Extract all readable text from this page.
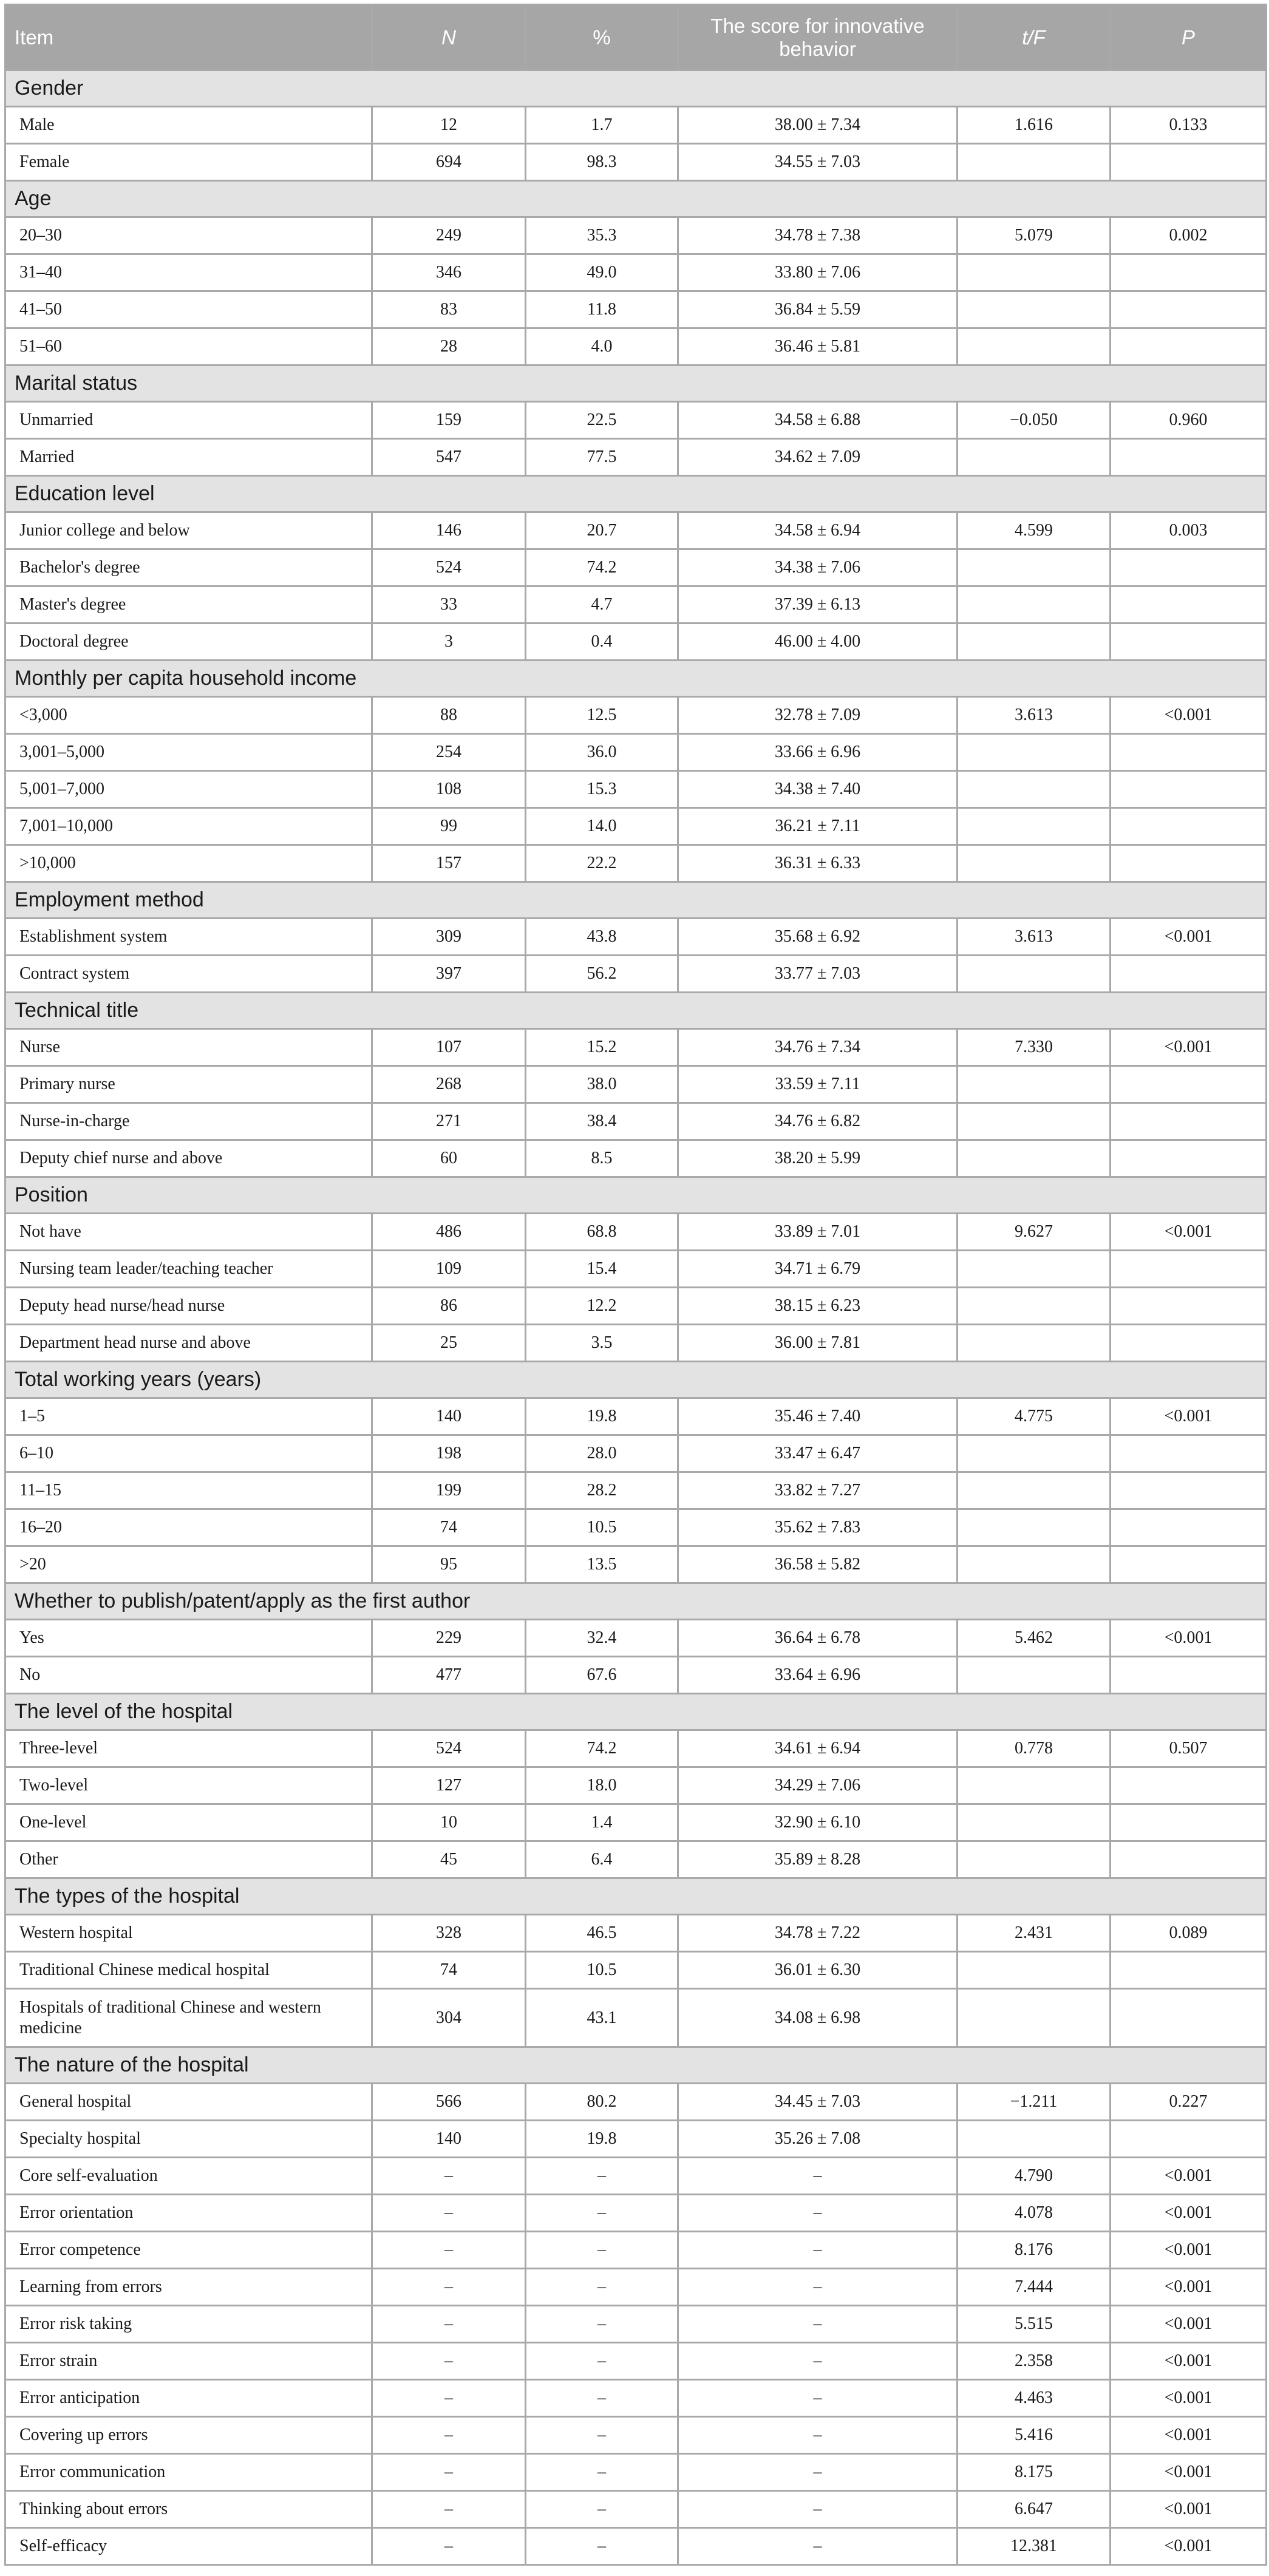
Item	N	%	The score for innovative behavior	t/F	P
Gender					
Male	12	1.7	38.00 ± 7.34	1.616	0.133
Female	694	98.3	34.55 ± 7.03		
Age					
20–30	249	35.3	34.78 ± 7.38	5.079	0.002
31–40	346	49.0	33.80 ± 7.06		
41–50	83	11.8	36.84 ± 5.59		
51–60	28	4.0	36.46 ± 5.81		
Marital status					
Unmarried	159	22.5	34.58 ± 6.88	−0.050	0.960
Married	547	77.5	34.62 ± 7.09		
Education level					
Junior college and below	146	20.7	34.58 ± 6.94	4.599	0.003
Bachelor's degree	524	74.2	34.38 ± 7.06		
Master's degree	33	4.7	37.39 ± 6.13		
Doctoral degree	3	0.4	46.00 ± 4.00		
Monthly per capita household income					
<3,000	88	12.5	32.78 ± 7.09	3.613	<0.001
3,001–5,000	254	36.0	33.66 ± 6.96		
5,001–7,000	108	15.3	34.38 ± 7.40		
7,001–10,000	99	14.0	36.21 ± 7.11		
>10,000	157	22.2	36.31 ± 6.33		
Employment method					
Establishment system	309	43.8	35.68 ± 6.92	3.613	<0.001
Contract system	397	56.2	33.77 ± 7.03		
Technical title					
Nurse	107	15.2	34.76 ± 7.34	7.330	<0.001
Primary nurse	268	38.0	33.59 ± 7.11		
Nurse-in-charge	271	38.4	34.76 ± 6.82		
Deputy chief nurse and above	60	8.5	38.20 ± 5.99		
Position					
Not have	486	68.8	33.89 ± 7.01	9.627	<0.001
Nursing team leader/teaching teacher	109	15.4	34.71 ± 6.79		
Deputy head nurse/head nurse	86	12.2	38.15 ± 6.23		
Department head nurse and above	25	3.5	36.00 ± 7.81		
Total working years (years)					
1–5	140	19.8	35.46 ± 7.40	4.775	<0.001
6–10	198	28.0	33.47 ± 6.47		
11–15	199	28.2	33.82 ± 7.27		
16–20	74	10.5	35.62 ± 7.83		
>20	95	13.5	36.58 ± 5.82		
Whether to publish/patent/apply as the first author					
Yes	229	32.4	36.64 ± 6.78	5.462	<0.001
No	477	67.6	33.64 ± 6.96		
The level of the hospital					
Three-level	524	74.2	34.61 ± 6.94	0.778	0.507
Two-level	127	18.0	34.29 ± 7.06		
One-level	10	1.4	32.90 ± 6.10		
Other	45	6.4	35.89 ± 8.28		
The types of the hospital					
Western hospital	328	46.5	34.78 ± 7.22	2.431	0.089
Traditional Chinese medical hospital	74	10.5	36.01 ± 6.30		
Hospitals of traditional Chinese and western medicine	304	43.1	34.08 ± 6.98		
The nature of the hospital					
General hospital	566	80.2	34.45 ± 7.03	−1.211	0.227
Specialty hospital	140	19.8	35.26 ± 7.08		
Core self-evaluation	–	–	–	4.790	<0.001
Error orientation	–	–	–	4.078	<0.001
Error competence	–	–	–	8.176	<0.001
Learning from errors	–	–	–	7.444	<0.001
Error risk taking	–	–	–	5.515	<0.001
Error strain	–	–	–	2.358	<0.001
Error anticipation	–	–	–	4.463	<0.001
Covering up errors	–	–	–	5.416	<0.001
Error communication	–	–	–	8.175	<0.001
Thinking about errors	–	–	–	6.647	<0.001
Self-efficacy	–	–	–	12.381	<0.001
